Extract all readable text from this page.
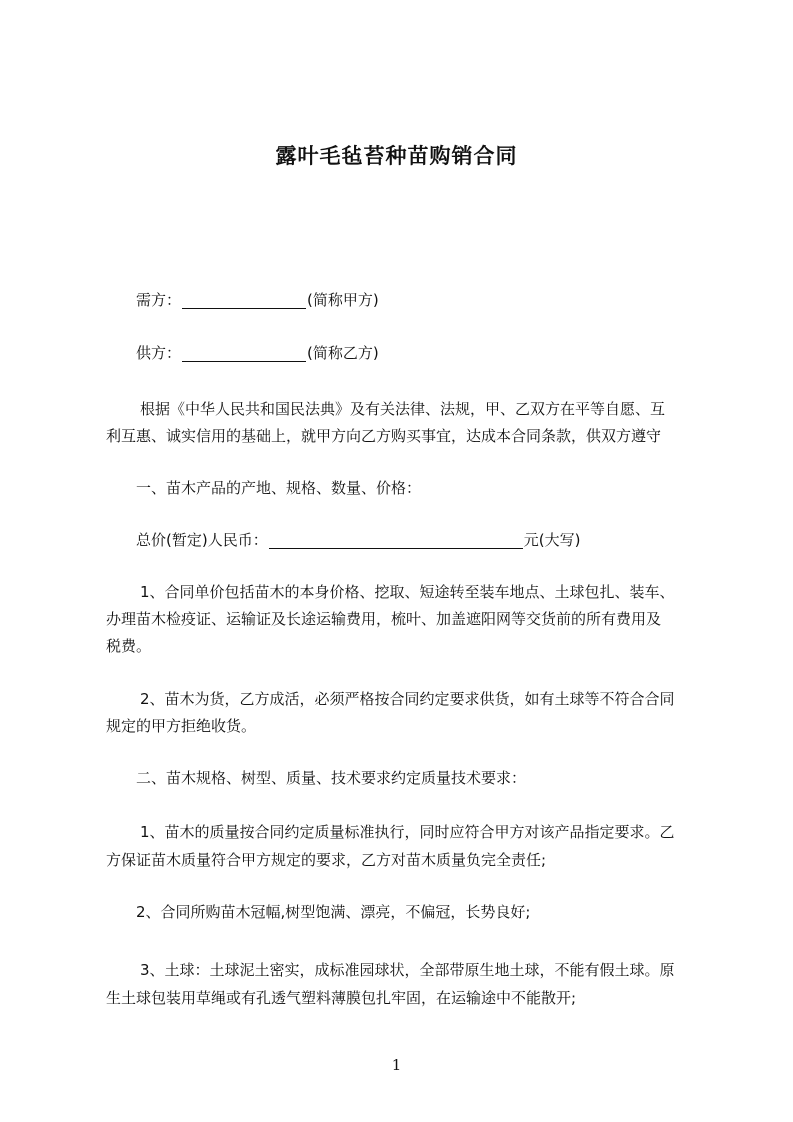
露叶毛毡苔种苗购销合同
需方：	(简称甲方)
供方：	(简称乙方)
根据《中华人民共和国民法典》及有关法律、法规，甲、乙双方在平等自愿、互
利互惠、诚实信用的基础上，就甲方向乙方购买事宜，达成本合同条款，供双方遵守
一、苗木产品的产地、规格、数量、价格：
总价(暂定)人民币：	元(大写)
1、合同单价包括苗木的本身价格、挖取、短途转至装车地点、土球包扎、装车、
办理苗木检疫证、运输证及长途运输费用，梳叶、加盖遮阳网等交货前的所有费用及
税费。
2、苗木为货，乙方成活，必须严格按合同约定要求供货，如有土球等不符合合同
规定的甲方拒绝收货。
二、苗木规格、树型、质量、技术要求约定质量技术要求：
1、苗木的质量按合同约定质量标准执行，同时应符合甲方对该产品指定要求。乙
方保证苗木质量符合甲方规定的要求，乙方对苗木质量负完全责任;
2、合同所购苗木冠幅,树型饱满、漂亮，不偏冠，长势良好;
3、土球：土球泥土密实，成标准园球状，全部带原生地土球，不能有假土球。原
生土球包装用草绳或有孔透气塑料薄膜包扎牢固，在运输途中不能散开;
1
